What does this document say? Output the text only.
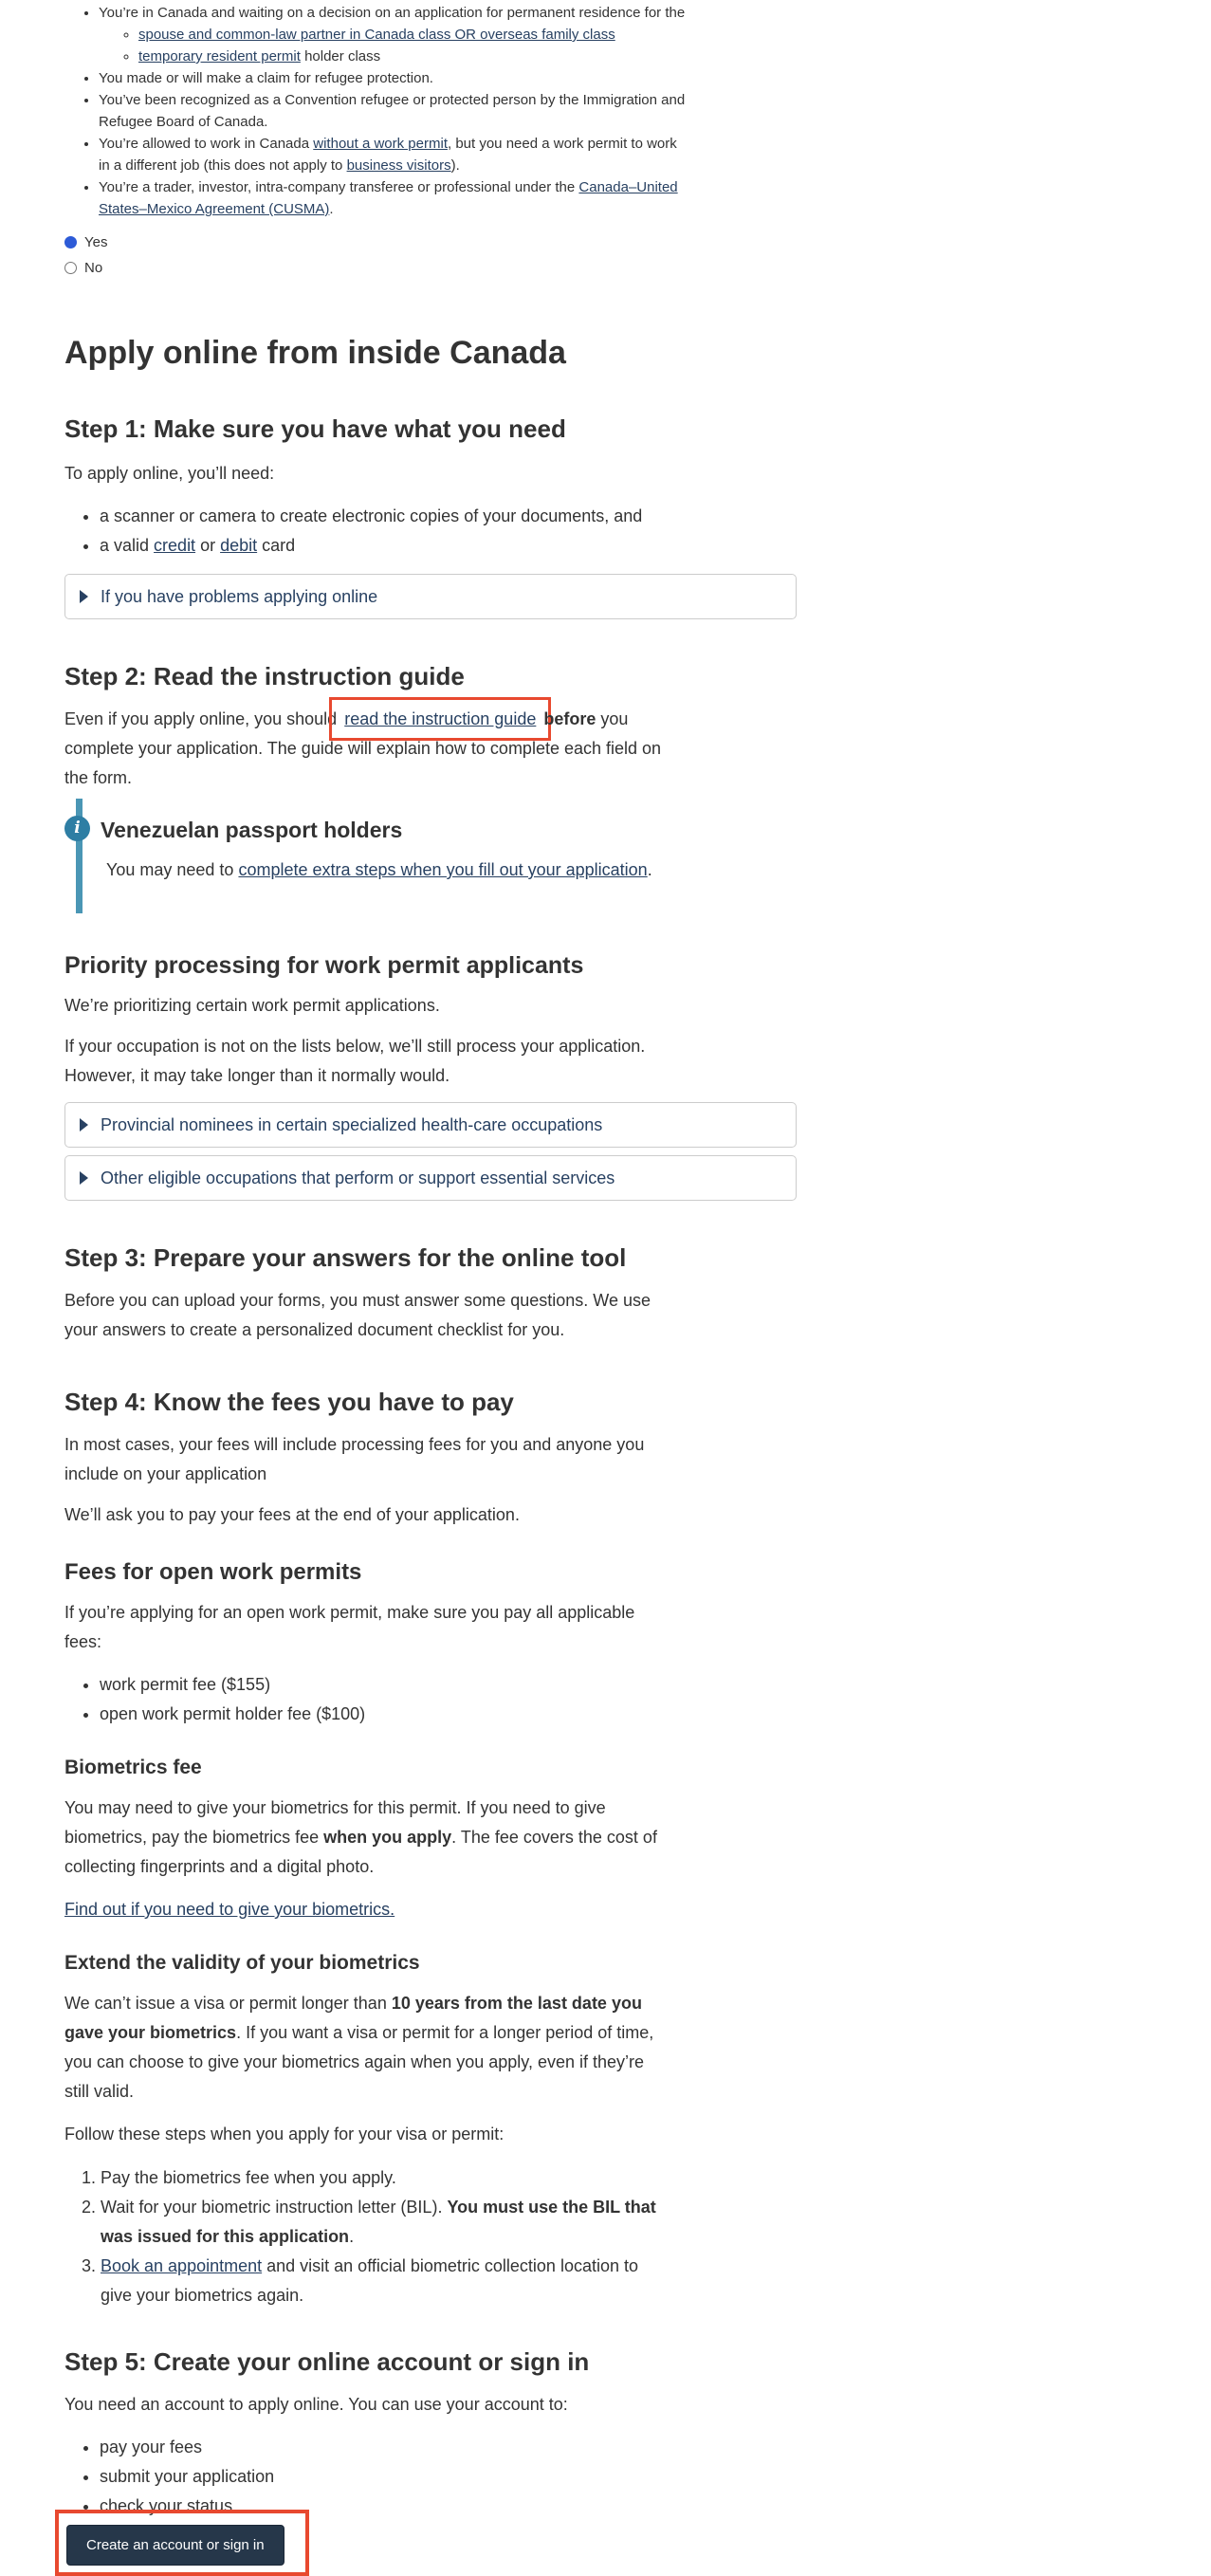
• You’re in Canada and waiting on a decision on an application for permanent residence for the
◦ spouse and common-law partner in Canada class OR overseas family class
◦ temporary resident permit holder class
• You made or will make a claim for refugee protection.
• You’ve been recognized as a Convention refugee or protected person by the Immigration and
Refugee Board of Canada.
• You’re allowed to work in Canada without a work permit, but you need a work permit to work
in a different job (this does not apply to business visitors).
• You’re a trader, investor, intra-company transferee or professional under the Canada–United
States–Mexico Agreement (CUSMA).
Yes
No
Apply online from inside Canada
Step 1: Make sure you have what you need

To apply online, you’ll need:

• a scanner or camera to create electronic copies of your documents, and
• a valid credit or debit card
If you have problems applying online
Step 2: Read the instruction guide

Even if you apply online, you should read the instruction guide before you
complete your application. The guide will explain how to complete each field on
the form.

i Venezuelan passport holders

You may need to complete extra steps when you fill out your application.

Priority processing for work permit applicants

We’re prioritizing certain work permit applications.

If your occupation is not on the lists below, we’ll still process your application.
However, it may take longer than it normally would.

Provincial nominees in certain specialized health-care occupations
Other eligible occupations that perform or support essential services
Step 3: Prepare your answers for the online tool

Before you can upload your forms, you must answer some questions. We use
your answers to create a personalized document checklist for you.

Step 4: Know the fees you have to pay

In most cases, your fees will include processing fees for you and anyone you
include on your application

We’ll ask you to pay your fees at the end of your application.

Fees for open work permits

If you’re applying for an open work permit, make sure you pay all applicable
fees:

• work permit fee ($155)
• open work permit holder fee ($100)
Biometrics fee

You may need to give your biometrics for this permit. If you need to give
biometrics, pay the biometrics fee when you apply. The fee covers the cost of
collecting fingerprints and a digital photo.

Find out if you need to give your biometrics.

Extend the validity of your biometrics

We can’t issue a visa or permit longer than 10 years from the last date you
gave your biometrics. If you want a visa or permit for a longer period of time,
you can choose to give your biometrics again when you apply, even if they’re
still valid.

Follow these steps when you apply for your visa or permit:

1. Pay the biometrics fee when you apply.
2. Wait for your biometric instruction letter (BIL). You must use the BIL that
was issued for this application.
3. Book an appointment and visit an official biometric collection location to
give your biometrics again.
Step 5: Create your online account or sign in

You need an account to apply online. You can use your account to:

• pay your fees
• submit your application
• check your status
Create an account or sign in
